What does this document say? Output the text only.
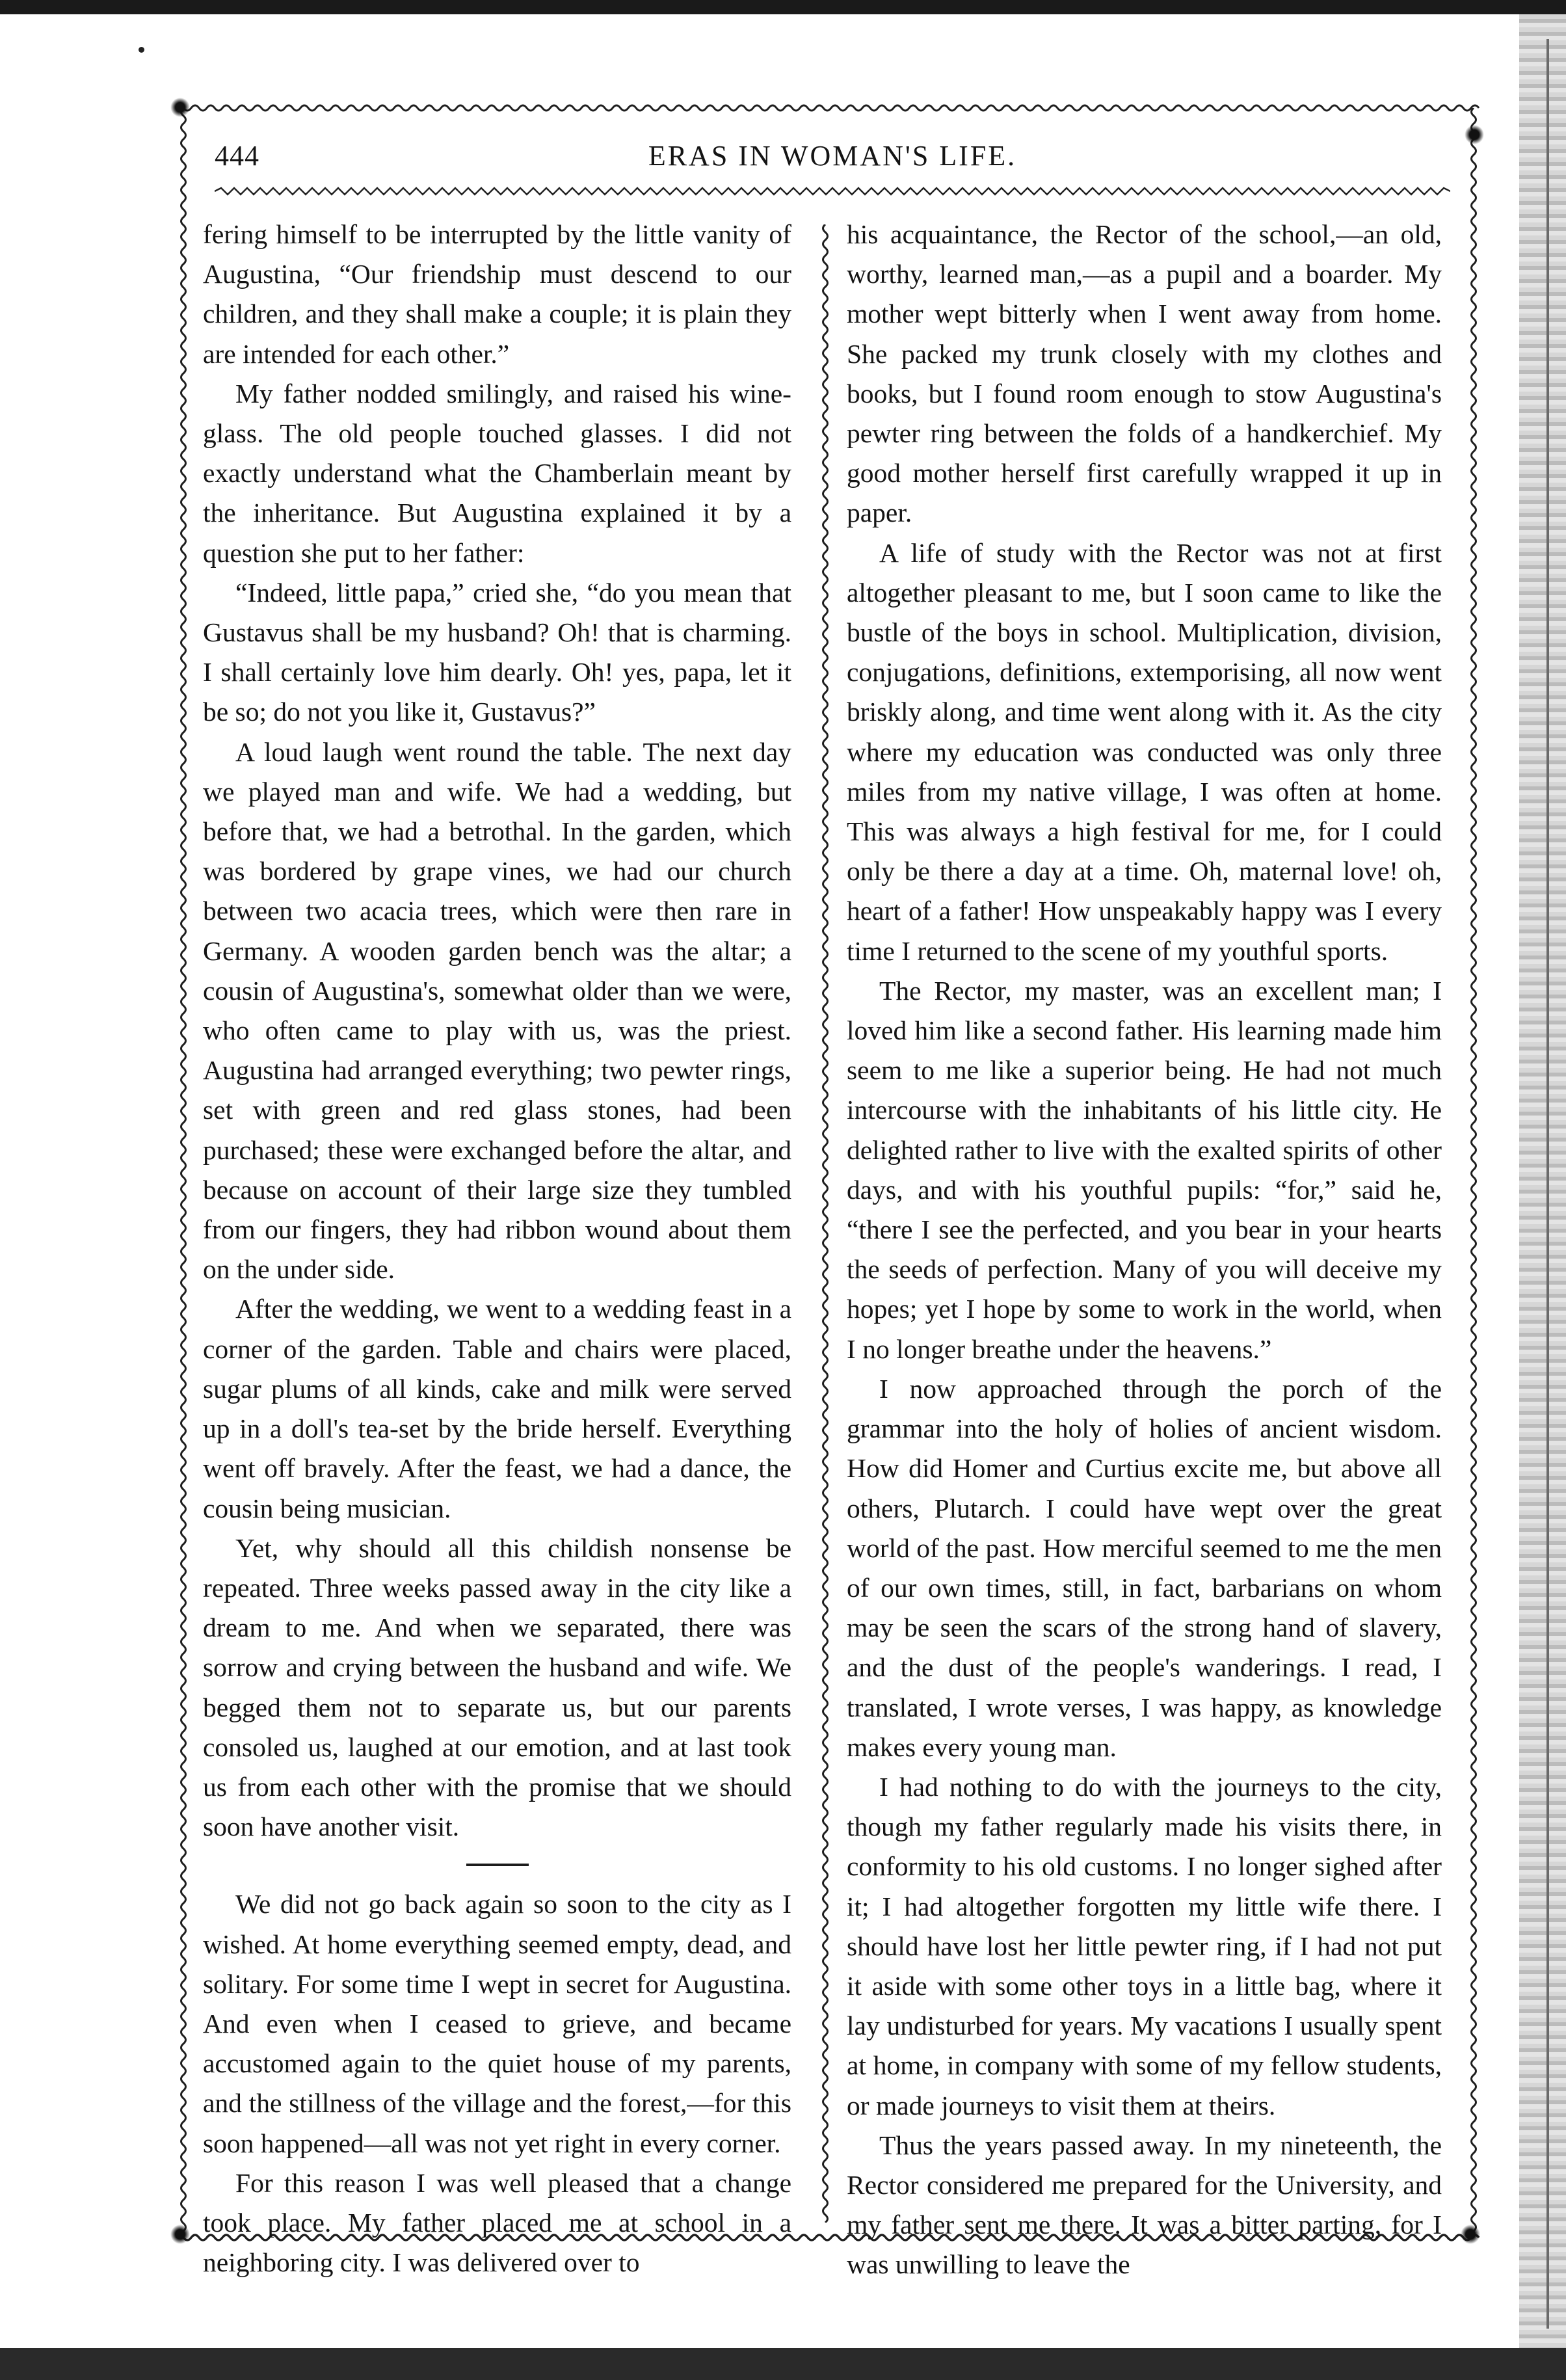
444	ERAS IN WOMAN'S LIFE.

fering himself to be interrupted by the little vanity of Augustina, “Our friendship must descend to our children, and they shall make a couple; it is plain they are intended for each other.”

My father nodded smilingly, and raised his wine-glass. The old people touched glasses. I did not exactly understand what the Chamberlain meant by the inheritance. But Augustina explained it by a question she put to her father:

“Indeed, little papa,” cried she, “do you mean that Gustavus shall be my husband? Oh! that is charming. I shall certainly love him dearly. Oh! yes, papa, let it be so; do not you like it, Gustavus?”

A loud laugh went round the table. The next day we played man and wife. We had a wedding, but before that, we had a betrothal. In the garden, which was bordered by grape vines, we had our church between two acacia trees, which were then rare in Germany. A wooden garden bench was the altar; a cousin of Augustina's, somewhat older than we were, who often came to play with us, was the priest. Augustina had arranged everything; two pewter rings, set with green and red glass stones, had been purchased; these were exchanged before the altar, and because on account of their large size they tumbled from our fingers, they had ribbon wound about them on the under side.

After the wedding, we went to a wedding feast in a corner of the garden. Table and chairs were placed, sugar plums of all kinds, cake and milk were served up in a doll's tea-set by the bride herself. Everything went off bravely. After the feast, we had a dance, the cousin being musician.

Yet, why should all this childish nonsense be repeated. Three weeks passed away in the city like a dream to me. And when we separated, there was sorrow and crying between the husband and wife. We begged them not to separate us, but our parents consoled us, laughed at our emotion, and at last took us from each other with the promise that we should soon have another visit.

We did not go back again so soon to the city as I wished. At home everything seemed empty, dead, and solitary. For some time I wept in secret for Augustina. And even when I ceased to grieve, and became accustomed again to the quiet house of my parents, and the stillness of the village and the forest,—for this soon happened—all was not yet right in every corner.

For this reason I was well pleased that a change took place. My father placed me at school in a neighboring city. I was delivered over to

his acquaintance, the Rector of the school,—an old, worthy, learned man,—as a pupil and a boarder. My mother wept bitterly when I went away from home. She packed my trunk closely with my clothes and books, but I found room enough to stow Augustina's pewter ring between the folds of a handkerchief. My good mother herself first carefully wrapped it up in paper.

A life of study with the Rector was not at first altogether pleasant to me, but I soon came to like the bustle of the boys in school. Multiplication, division, conjugations, definitions, extemporising, all now went briskly along, and time went along with it. As the city where my education was conducted was only three miles from my native village, I was often at home. This was always a high festival for me, for I could only be there a day at a time. Oh, maternal love! oh, heart of a father! How unspeakably happy was I every time I returned to the scene of my youthful sports.

The Rector, my master, was an excellent man; I loved him like a second father. His learning made him seem to me like a superior being. He had not much intercourse with the inhabitants of his little city. He delighted rather to live with the exalted spirits of other days, and with his youthful pupils: “for,” said he, “there I see the perfected, and you bear in your hearts the seeds of perfection. Many of you will deceive my hopes; yet I hope by some to work in the world, when I no longer breathe under the heavens.”

I now approached through the porch of the grammar into the holy of holies of ancient wisdom. How did Homer and Curtius excite me, but above all others, Plutarch. I could have wept over the great world of the past. How merciful seemed to me the men of our own times, still, in fact, barbarians on whom may be seen the scars of the strong hand of slavery, and the dust of the people's wanderings. I read, I translated, I wrote verses, I was happy, as knowledge makes every young man.

I had nothing to do with the journeys to the city, though my father regularly made his visits there, in conformity to his old customs. I no longer sighed after it; I had altogether forgotten my little wife there. I should have lost her little pewter ring, if I had not put it aside with some other toys in a little bag, where it lay undisturbed for years. My vacations I usually spent at home, in company with some of my fellow students, or made journeys to visit them at theirs.

Thus the years passed away. In my nineteenth, the Rector considered me prepared for the University, and my father sent me there. It was a bitter parting, for I was unwilling to leave the
